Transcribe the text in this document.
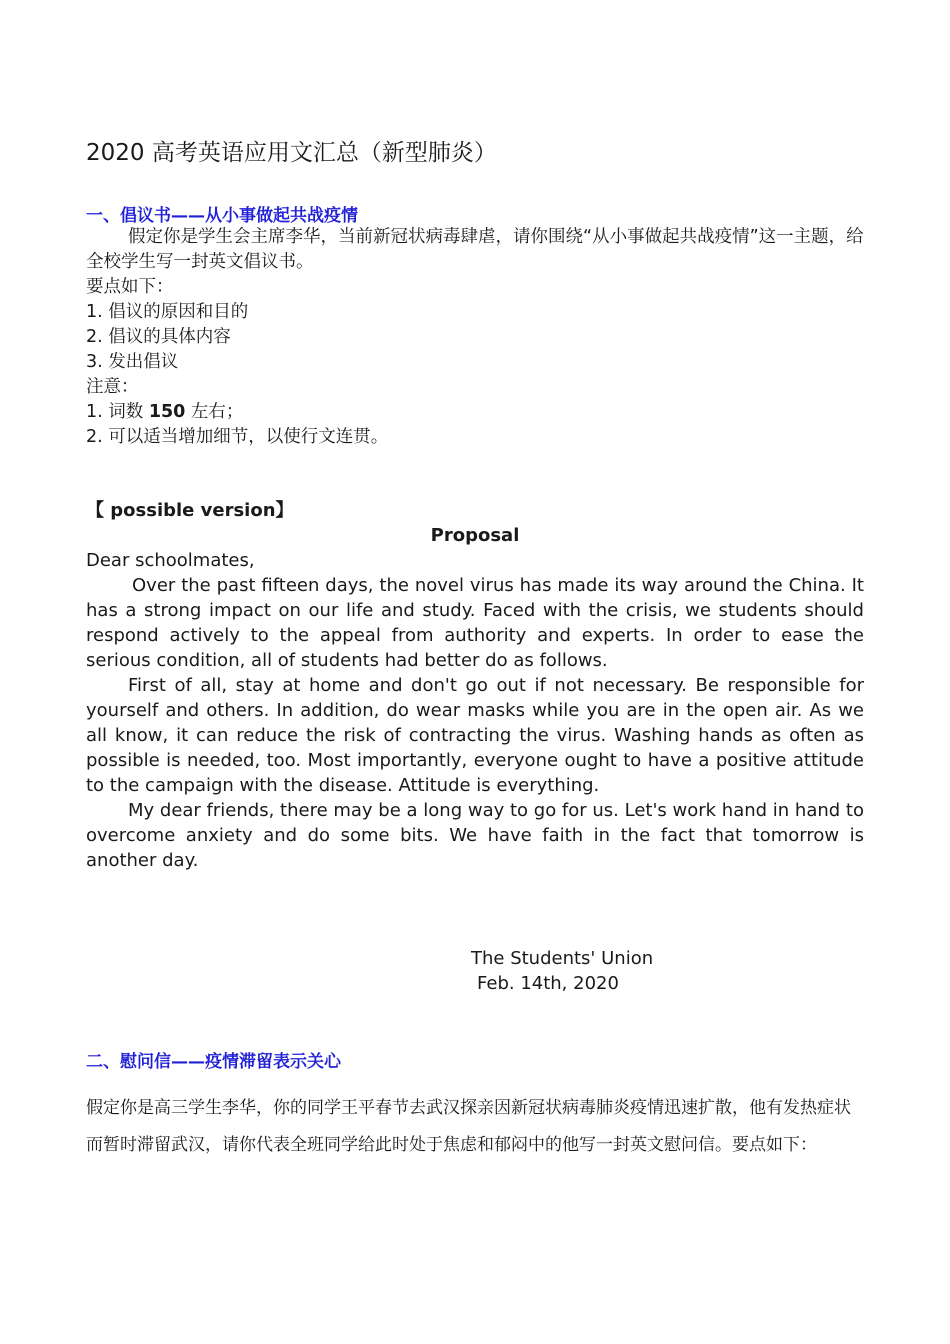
2020 高考英语应用文汇总（新型肺炎）
一、倡议书——从小事做起共战疫情

假定你是学生会主席李华，当前新冠状病毒肆虐，请你围绕“从小事做起共战疫情”这一主题，给全校学生写一封英文倡议书。

要点如下：

1. 倡议的原因和目的

2. 倡议的具体内容

3. 发出倡议

注意：

1. 词数 150 左右；

2. 可以适当增加细节，以使行文连贯。

【 possible version】

Proposal

Dear schoolmates,

Over the past fifteen days, the novel virus has made its way around the China. It has a strong impact on our life and study. Faced with the crisis, we students should respond actively to the appeal from authority and experts. In order to ease the serious condition, all of students had better do as follows.

First of all, stay at home and don't go out if not necessary. Be responsible for yourself and others. In addition, do wear masks while you are in the open air. As we all know, it can reduce the risk of contracting the virus. Washing hands as often as possible is needed, too. Most importantly, everyone ought to have a positive attitude to the campaign with the disease. Attitude is everything.

My dear friends, there may be a long way to go for us. Let's work hand in hand to overcome anxiety and do some bits. We have faith in the fact that tomorrow is another day.

The Students' Union
Feb. 14th, 2020
二、慰问信——疫情滞留表示关心

假定你是高三学生李华，你的同学王平春节去武汉探亲因新冠状病毒肺炎疫情迅速扩散，他有发热症状而暂时滞留武汉，请你代表全班同学给此时处于焦虑和郁闷中的他写一封英文慰问信。要点如下：
